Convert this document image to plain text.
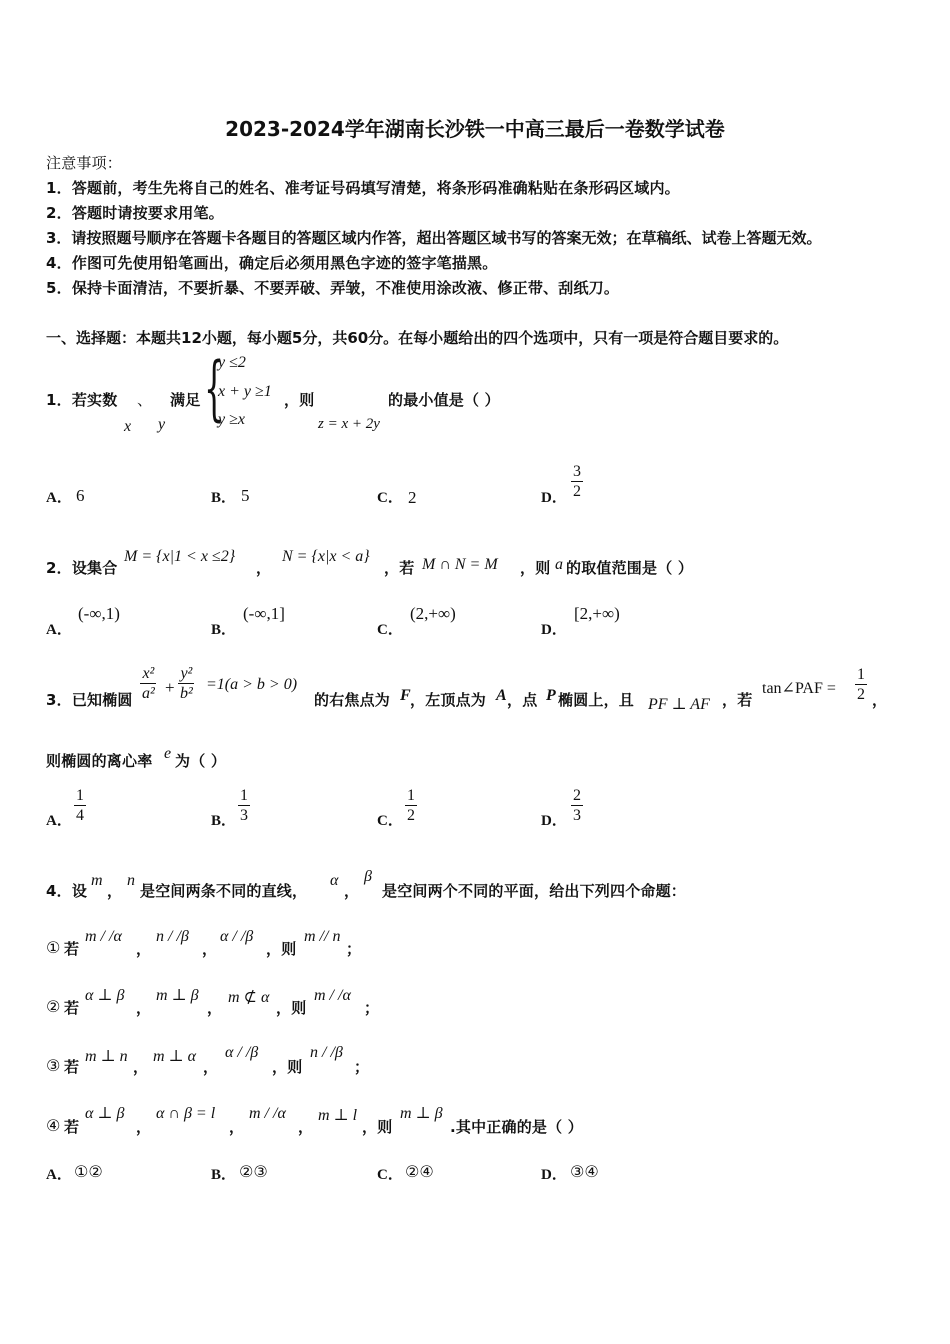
2023-2024学年湖南长沙铁一中高三最后一卷数学试卷
注意事项：
1．答题前，考生先将自己的姓名、准考证号码填写清楚，将条形码准确粘贴在条形码区域内。
2．答题时请按要求用笔。
3．请按照题号顺序在答题卡各题目的答题区域内作答，超出答题区域书写的答案无效；在草稿纸、试卷上答题无效。
4．作图可先使用铅笔画出，确定后必须用黑色字迹的签字笔描黑。
5．保持卡面清洁，不要折暴、不要弄破、弄皱，不准使用涂改液、修正带、刮纸刀。
一、选择题：本题共12小题，每小题5分，共60分。在每小题给出的四个选项中，只有一项是符合题目要求的。
1．若实数 、 满足
x y {
y ≤2
x + y ≥1
y ≥x
，则
z = x + 2y
的最小值是（ ）
A． 6	B． 5	C． 2	D． $\frac{3}{2}$
2．设集合
M = {x|1 < x ≤2}
，
N = {x|x < a}
，若 M ∩ N = M ，则 a 的取值范围是（ ）
A．
(-∞,1)
B．
(-∞,1]
C．
(2,+∞)
D．
[2,+∞)
3．已知椭圆 $\frac{\text{x²}}{\text{a²}} + \frac{\text{y²}}{\text{b²}} =1(a > b > 0)$
的右焦点为 F ，左顶点为 A ，点 P 椭圆上，且 PF ⊥ AF ，若
tan∠PAF = $\frac{1}{2}$ ，
则椭圆的离心率 e 为（ ）
A． $\frac{1}{4}$	B． $\frac{1}{3}$	C． $\frac{1}{2}$	D． $\frac{2}{3}$
4．设
m
，
n
是空间两条不同的直线，
α
，
β
是空间两个不同的平面，给出下列四个命题：
① 若
m / /α
，
n / /β
，
α / /β
，则
m // n
；
② 若
α ⊥ β
，
m ⊥ β
，
m ⊄ α
，则
m / /α
；
③ 若
m ⊥ n
，
m ⊥ α
，
α / /β
，则
n / /β
；
④ 若
α ⊥ β
，
α ∩ β = l
，
m / /α
，
m ⊥ l
，则
m ⊥ β
.其中正确的是（ ）
A． ①②	B． ②③	C． ②④	D． ③④
